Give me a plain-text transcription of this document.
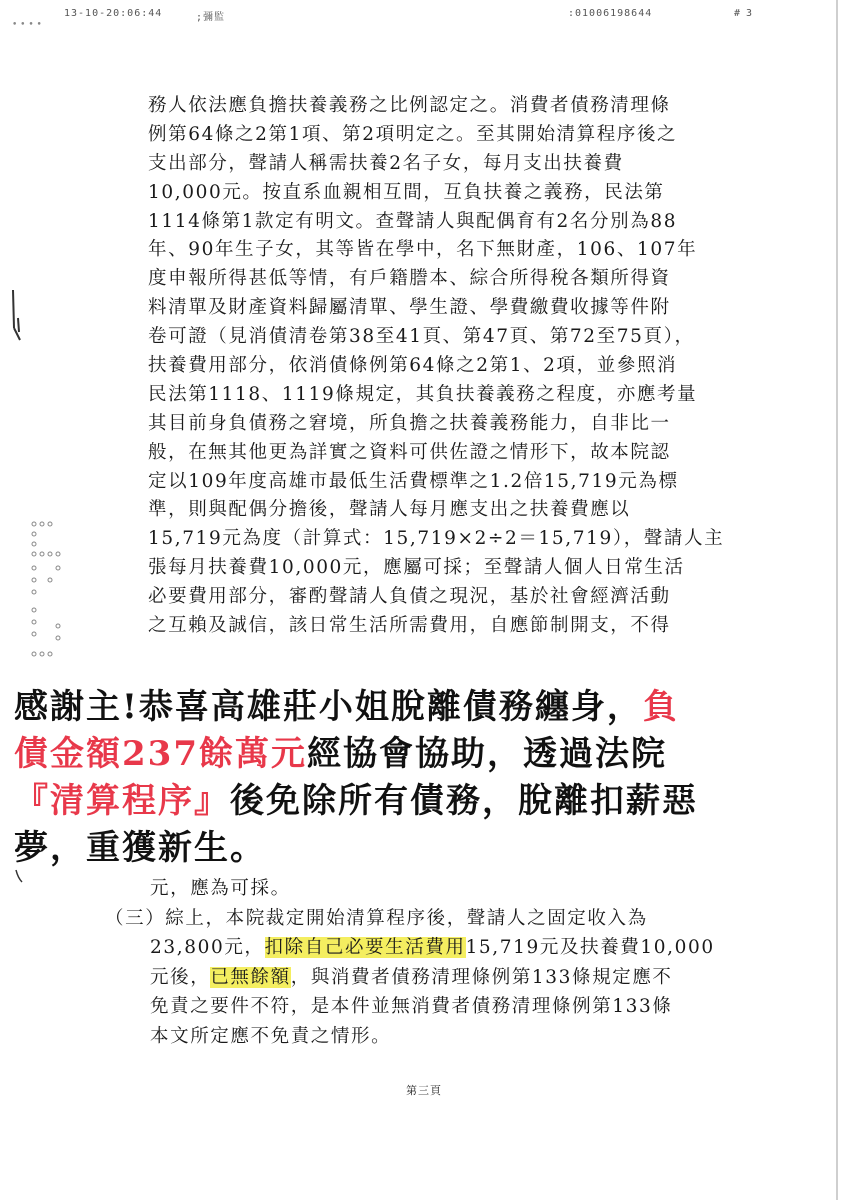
13-10-20:06:44	;彌監	:01006198644	# 3
• • • •
務人依法應負擔扶養義務之比例認定之。消費者債務清理條
例第64條之2第1項、第2項明定之。至其開始清算程序後之
支出部分，聲請人稱需扶養2名子女，每月支出扶養費
10,000元。按直系血親相互間，互負扶養之義務，民法第
1114條第1款定有明文。查聲請人與配偶育有2名分別為88
年、90年生子女，其等皆在學中，名下無財產，106、107年
度申報所得甚低等情，有戶籍謄本、綜合所得稅各類所得資
料清單及財產資料歸屬清單、學生證、學費繳費收據等件附
卷可證（見消債清卷第38至41頁、第47頁、第72至75頁），
扶養費用部分，依消債條例第64條之2第1、2項，並參照消
民法第1118、1119條規定，其負扶養義務之程度，亦應考量
其目前身負債務之窘境，所負擔之扶養義務能力，自非比一
般，在無其他更為詳實之資料可供佐證之情形下，故本院認
定以109年度高雄市最低生活費標準之1.2倍15,719元為標
準，則與配偶分擔後，聲請人每月應支出之扶養費應以
15,719元為度（計算式：15,719×2÷2＝15,719），聲請人主
張每月扶養費10,000元，應屬可採；至聲請人個人日常生活
必要費用部分，審酌聲請人負債之現況，基於社會經濟活動
之互賴及誠信，該日常生活所需費用，自應節制開支，不得
感謝主!恭喜高雄莊小姐脫離債務纏身，負
債金額237餘萬元經協會協助，透過法院
『清算程序』後免除所有債務，脫離扣薪惡
夢，重獲新生。
元，應為可採。
（三）綜上，本院裁定開始清算程序後，聲請人之固定收入為
23,800元，扣除自己必要生活費用15,719元及扶養費10,000
元後，已無餘額，與消費者債務清理條例第133條規定應不
免責之要件不符，是本件並無消費者債務清理條例第133條
本文所定應不免責之情形。
第三頁
